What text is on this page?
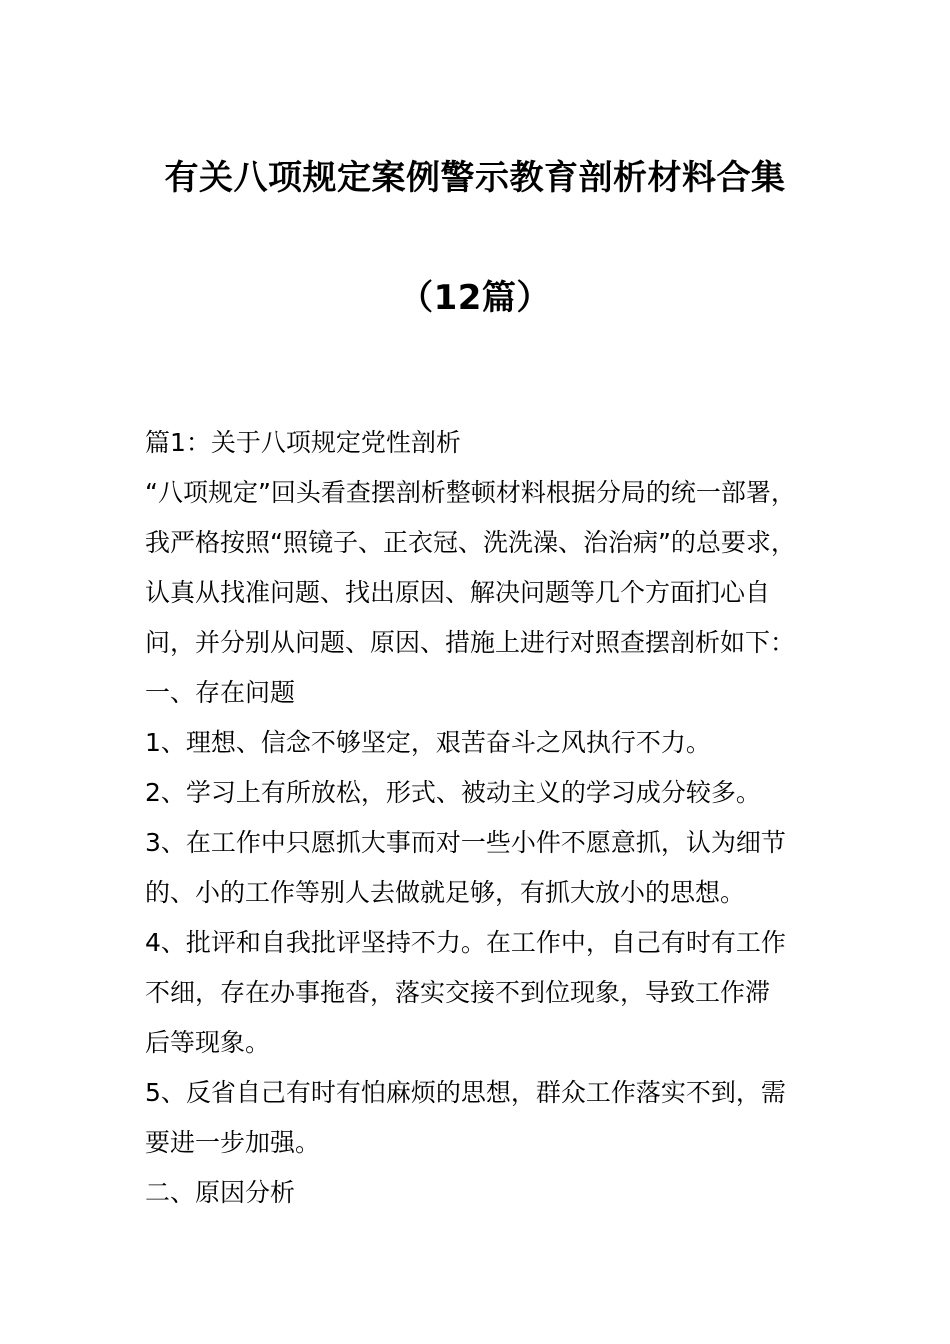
有关八项规定案例警示教育剖析材料合集
（12篇）
篇1：关于八项规定党性剖析
“八项规定”回头看查摆剖析整顿材料根据分局的统一部署，
我严格按照“照镜子、正衣冠、洗洗澡、治治病”的总要求，
认真从找准问题、找出原因、解决问题等几个方面扪心自
问，并分别从问题、原因、措施上进行对照查摆剖析如下：
一、存在问题
1、理想、信念不够坚定，艰苦奋斗之风执行不力。
2、学习上有所放松，形式、被动主义的学习成分较多。
3、在工作中只愿抓大事而对一些小件不愿意抓，认为细节
的、小的工作等别人去做就足够，有抓大放小的思想。
4、批评和自我批评坚持不力。在工作中，自己有时有工作
不细，存在办事拖沓，落实交接不到位现象，导致工作滞
后等现象。
5、反省自己有时有怕麻烦的思想，群众工作落实不到，需
要进一步加强。
二、原因分析
